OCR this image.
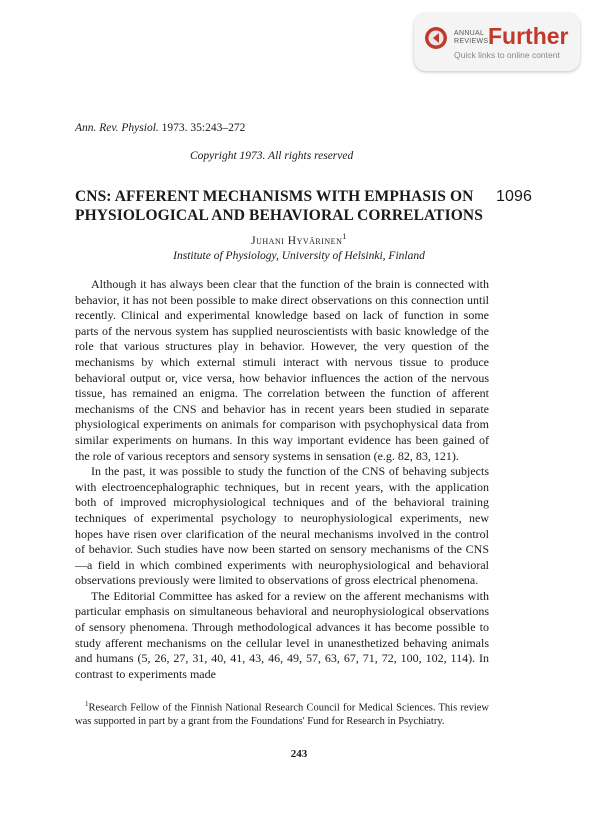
ANNUAL
REVIEWS Further
Quick links to online content
Ann. Rev. Physiol. 1973. 35:243–272
Copyright 1973. All rights reserved
CNS: AFFERENT MECHANISMS WITH EMPHASIS ON
PHYSIOLOGICAL AND BEHAVIORAL CORRELATIONS
1096
Juhani Hyvärinen$^1$
Institute of Physiology, University of Helsinki, Finland

Although it has always been clear that the function of the brain is connected with behavior, it has not been possible to make direct observations on this connection until recently. Clinical and experimental knowledge based on lack of function in some parts of the nervous system has supplied neuroscientists with basic knowledge of the role that various structures play in behavior. However, the very question of the mechanisms by which external stimuli interact with nervous tissue to produce behavioral output or, vice versa, how behavior influences the action of the nervous tissue, has remained an enigma. The correlation between the function of afferent mechanisms of the CNS and behavior has in recent years been studied in separate physiological experiments on animals for comparison with psychophysical data from similar experiments on humans. In this way important evidence has been gained of the role of various receptors and sensory systems in sensation (e.g. 82, 83, 121).

In the past, it was possible to study the function of the CNS of behaving subjects with electroencephalographic techniques, but in recent years, with the application both of improved microphysiological techniques and of the behavioral training techniques of experimental psychology to neurophysiological experiments, new hopes have risen over clarification of the neural mechanisms involved in the control of behavior. Such studies have now been started on sensory mechanisms of the CNS—a field in which combined experiments with neurophysiological and behavioral observations previously were limited to observations of gross electrical phenomena.

The Editorial Committee has asked for a review on the afferent mechanisms with particular emphasis on simultaneous behavioral and neurophysiological observations of sensory phenomena. Through methodological advances it has become possible to study afferent mechanisms on the cellular level in unanesthetized behaving animals and humans (5, 26, 27, 31, 40, 41, 43, 46, 49, 57, 63, 67, 71, 72, 100, 102, 114). In contrast to experiments made

$^1$Research Fellow of the Finnish National Research Council for Medical Sciences. This review was supported in part by a grant from the Foundations' Fund for Research in Psychiatry.

243
